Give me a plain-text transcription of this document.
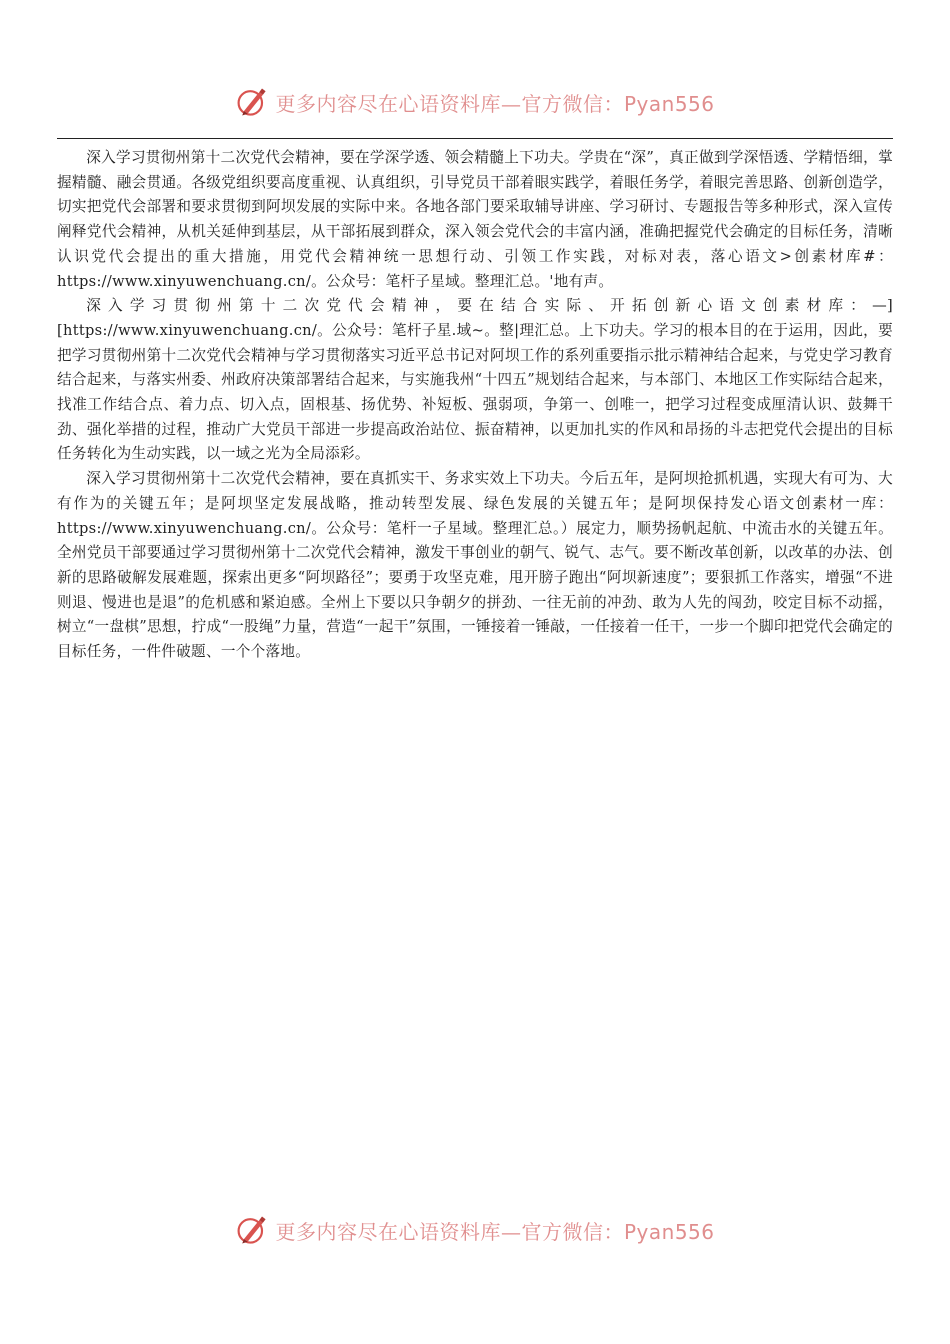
更多内容尽在心语资料库—官方微信：Pyan556

深入学习贯彻州第十二次党代会精神，要在学深学透、领会精髓上下功夫。学贵在“深”，真正做到学深悟透、学精悟细，掌握精髓、融会贯通。各级党组织要高度重视、认真组织，引导党员干部着眼实践学，着眼任务学，着眼完善思路、创新创造学，切实把党代会部署和要求贯彻到阿坝发展的实际中来。各地各部门要采取辅导讲座、学习研讨、专题报告等多种形式，深入宣传阐释党代会精神，从机关延伸到基层，从干部拓展到群众，深入领会党代会的丰富内涵，准确把握党代会确定的目标任务，清晰认识党代会提出的重大措施，用党代会精神统一思想行动、引领工作实践，对标对表，落心语文>创素材库#：https://www.xinyuwenchuang.cn/。公众号：笔杆子星域。整理汇总。'地有声。

深入学习贯彻州第十二次党代会精神，要在结合实际、开拓创新心语文创素材库：—][https://www.xinyuwenchuang.cn/。公众号：笔杆子星.域~。整|理汇总。上下功夫。学习的根本目的在于运用，因此，要把学习贯彻州第十二次党代会精神与学习贯彻落实习近平总书记对阿坝工作的系列重要指示批示精神结合起来，与党史学习教育结合起来，与落实州委、州政府决策部署结合起来，与实施我州“十四五”规划结合起来，与本部门、本地区工作实际结合起来，找准工作结合点、着力点、切入点，固根基、扬优势、补短板、强弱项，争第一、创唯一，把学习过程变成厘清认识、鼓舞干劲、强化举措的过程，推动广大党员干部进一步提高政治站位、振奋精神，以更加扎实的作风和昂扬的斗志把党代会提出的目标任务转化为生动实践，以一域之光为全局添彩。

深入学习贯彻州第十二次党代会精神，要在真抓实干、务求实效上下功夫。今后五年，是阿坝抢抓机遇，实现大有可为、大有作为的关键五年；是阿坝坚定发展战略，推动转型发展、绿色发展的关键五年；是阿坝保持发心语文创素材一库：https://www.xinyuwenchuang.cn/。公众号：笔杆一子星域。整理汇总。）展定力，顺势扬帆起航、中流击水的关键五年。全州党员干部要通过学习贯彻州第十二次党代会精神，激发干事创业的朝气、锐气、志气。要不断改革创新，以改革的办法、创新的思路破解发展难题，探索出更多“阿坝路径”；要勇于攻坚克难，甩开膀子跑出“阿坝新速度”；要狠抓工作落实，增强“不进则退、慢进也是退”的危机感和紧迫感。全州上下要以只争朝夕的拼劲、一往无前的冲劲、敢为人先的闯劲，咬定目标不动摇，树立“一盘棋”思想，拧成“一股绳”力量，营造“一起干”氛围，一锤接着一锤敲，一任接着一任干，一步一个脚印把党代会确定的目标任务，一件件破题、一个个落地。

更多内容尽在心语资料库—官方微信：Pyan556
